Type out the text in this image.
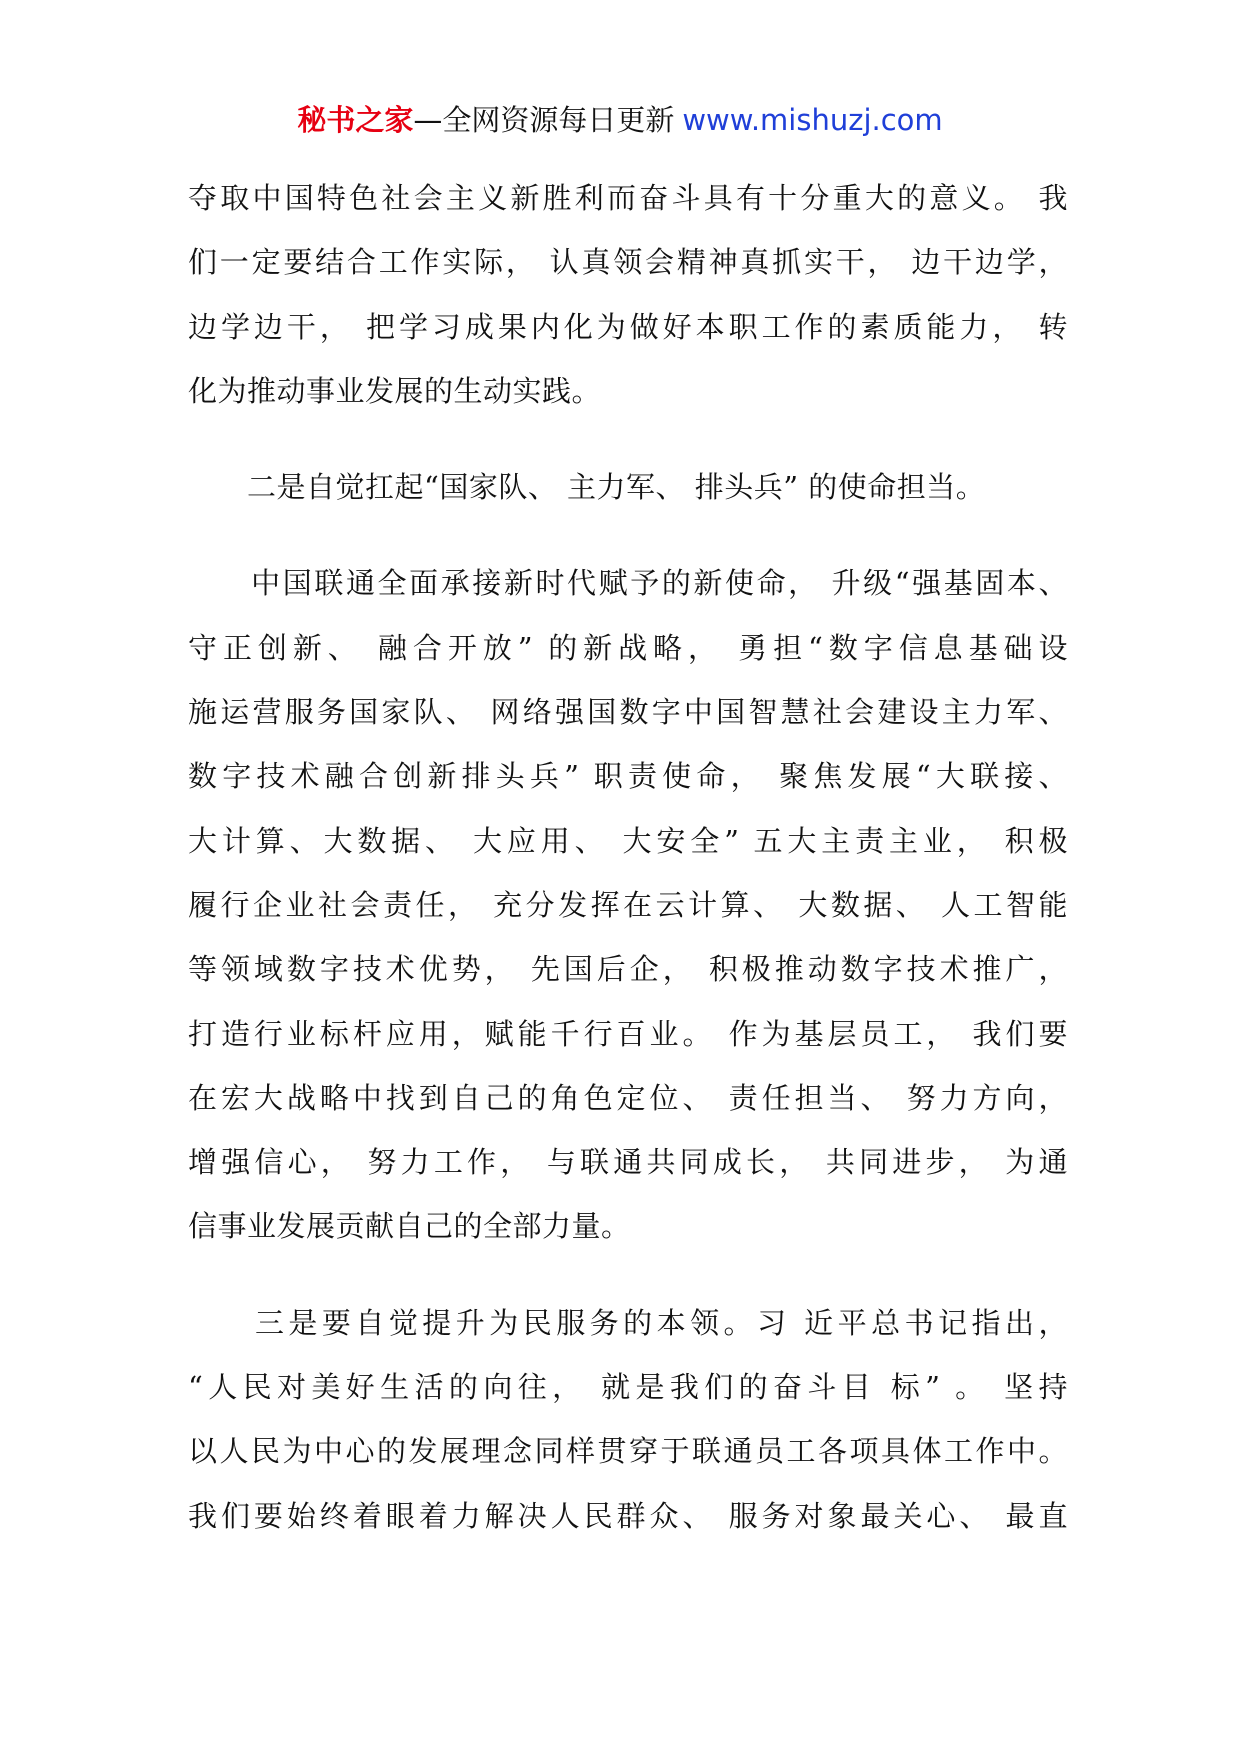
秘书之家—全网资源每日更新 www.mishuzj.com
夺取中国特色社会主义新胜利而奋斗具有十分重大的意义。 我
们一定要结合工作实际， 认真领会精神真抓实干， 边干边学，
边学边干， 把学习成果内化为做好本职工作的素质能力， 转
化为推动事业发展的生动实践。
　　二是自觉扛起“国家队、 主力军、 排头兵” 的使命担当。
　　中国联通全面承接新时代赋予的新使命， 升级“强基固本、
守正创新、 融合开放” 的新战略， 勇担“数字信息基础设
施运营服务国家队、 网络强国数字中国智慧社会建设主力军、
数字技术融合创新排头兵” 职责使命， 聚焦发展“大联接、
大计算、大数据、 大应用、 大安全” 五大主责主业， 积极
履行企业社会责任， 充分发挥在云计算、 大数据、 人工智能
等领域数字技术优势， 先国后企， 积极推动数字技术推广，
打造行业标杆应用，赋能千行百业。 作为基层员工， 我们要
在宏大战略中找到自己的角色定位、 责任担当、 努力方向，
增强信心， 努力工作， 与联通共同成长， 共同进步， 为通
信事业发展贡献自己的全部力量。
　　三是要自觉提升为民服务的本领。习 近平总书记指出，
“人民对美好生活的向往， 就是我们的奋斗目 标” 。 坚持
以人民为中心的发展理念同样贯穿于联通员工各项具体工作中。
我们要始终着眼着力解决人民群众、 服务对象最关心、 最直
